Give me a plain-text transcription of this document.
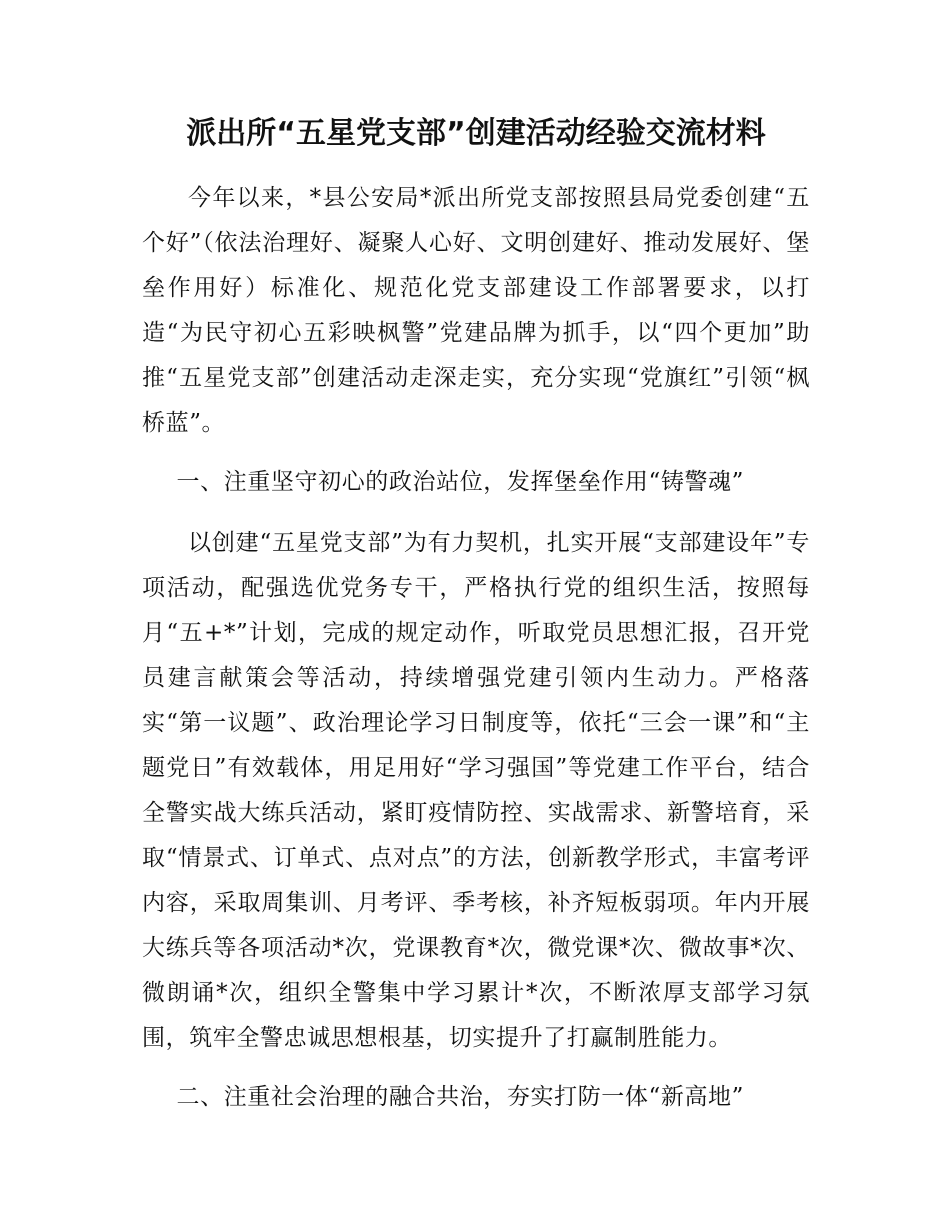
派出所“五星党支部”创建活动经验交流材料

今年以来，*县公安局*派出所党支部按照县局党委创建“五个好”（依法治理好、凝聚人心好、文明创建好、推动发展好、堡垒作用好）标准化、规范化党支部建设工作部署要求，以打造“为民守初心五彩映枫警”党建品牌为抓手，以“四个更加”助推“五星党支部”创建活动走深走实，充分实现“党旗红”引领“枫桥蓝”。

一、注重坚守初心的政治站位，发挥堡垒作用“铸警魂”

以创建“五星党支部”为有力契机，扎实开展“支部建设年”专项活动，配强选优党务专干，严格执行党的组织生活，按照每月“五+*”计划，完成的规定动作，听取党员思想汇报，召开党员建言献策会等活动，持续增强党建引领内生动力。严格落实“第一议题”、政治理论学习日制度等，依托“三会一课”和“主题党日”有效载体，用足用好“学习强国”等党建工作平台，结合全警实战大练兵活动，紧盯疫情防控、实战需求、新警培育，采取“情景式、订单式、点对点”的方法，创新教学形式，丰富考评内容，采取周集训、月考评、季考核，补齐短板弱项。年内开展大练兵等各项活动*次，党课教育*次，微党课*次、微故事*次、微朗诵*次，组织全警集中学习累计*次，不断浓厚支部学习氛围，筑牢全警忠诚思想根基，切实提升了打赢制胜能力。

二、注重社会治理的融合共治，夯实打防一体“新高地”
